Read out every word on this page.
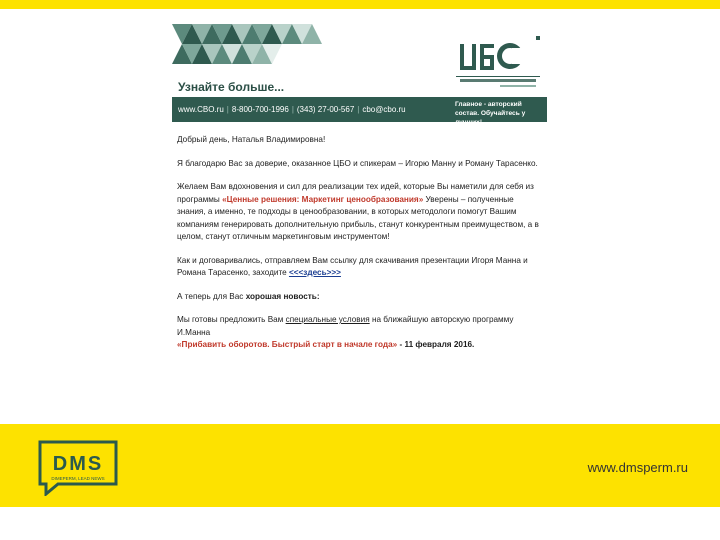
Узнайте больше...
www.CBO.ru | 8-800-700-1996 | (343) 27-00-567 | cbo@cbo.ru
Главное - авторский состав. Обучайтесь у лучших!

Добрый день, Наталья Владимировна!

Я благодарю Вас за доверие, оказанное ЦБО и спикерам – Игорю Манну и Роману Тарасенко.

Желаем Вам вдохновения и сил для реализации тех идей, которые Вы наметили для себя из программы «Ценные решения: Маркетинг ценообразования» Уверены – полученные знания, а именно, те подходы в ценообразовании, в которых методологи помогут Вашим компаниям генерировать дополнительную прибыль, станут конкурентным преимуществом, а в целом, станут отличным маркетинговым инструментом!

Как и договаривались, отправляем Вам ссылку для скачивания презентации Игоря Манна и Романа Тарасенко, заходите <<<здесь>>>

А теперь для Вас хорошая новость:

Мы готовы предложить Вам специальные условия на ближайшую авторскую программу И.Манна
«Прибавить оборотов. Быстрый старт в начале года» - 11 февраля 2016.

DMS
DIMEPERM, LEAD NEWS
www.dmsperm.ru
